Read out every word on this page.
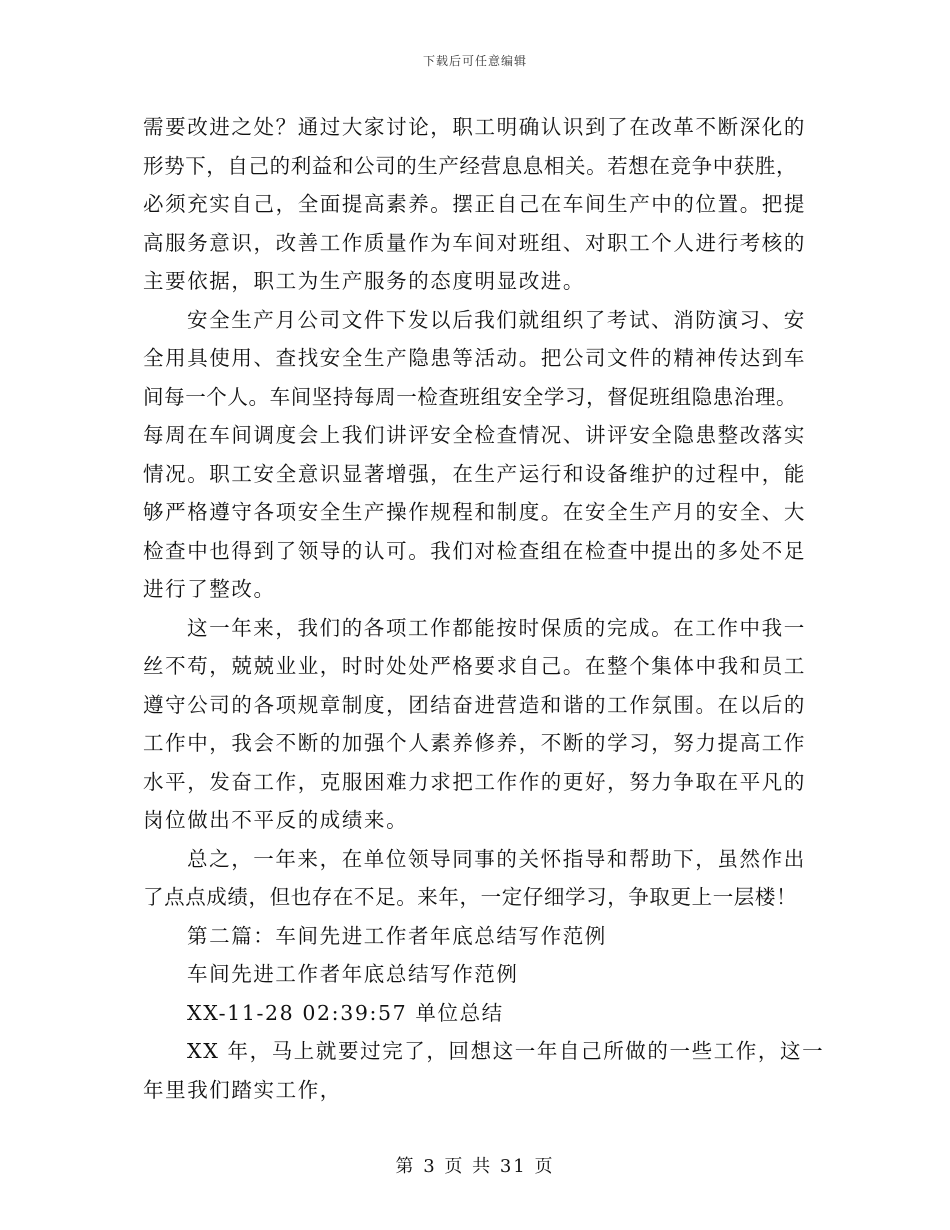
下载后可任意编辑
需要改进之处？通过大家讨论，职工明确认识到了在改革不断深化的
形势下，自己的利益和公司的生产经营息息相关。若想在竞争中获胜，
必须充实自己，全面提高素养。摆正自己在车间生产中的位置。把提
高服务意识，改善工作质量作为车间对班组、对职工个人进行考核的
主要依据，职工为生产服务的态度明显改进。
安全生产月公司文件下发以后我们就组织了考试、消防演习、安
全用具使用、查找安全生产隐患等活动。把公司文件的精神传达到车
间每一个人。车间坚持每周一检查班组安全学习，督促班组隐患治理。
每周在车间调度会上我们讲评安全检查情况、讲评安全隐患整改落实
情况。职工安全意识显著增强，在生产运行和设备维护的过程中，能
够严格遵守各项安全生产操作规程和制度。在安全生产月的安全、大
检查中也得到了领导的认可。我们对检查组在检查中提出的多处不足
进行了整改。
这一年来，我们的各项工作都能按时保质的完成。在工作中我一
丝不苟，兢兢业业，时时处处严格要求自己。在整个集体中我和员工
遵守公司的各项规章制度，团结奋进营造和谐的工作氛围。在以后的
工作中，我会不断的加强个人素养修养，不断的学习，努力提高工作
水平，发奋工作，克服困难力求把工作作的更好，努力争取在平凡的
岗位做出不平反的成绩来。
总之，一年来，在单位领导同事的关怀指导和帮助下，虽然作出
了点点成绩，但也存在不足。来年，一定仔细学习，争取更上一层楼！
第二篇：车间先进工作者年底总结写作范例
车间先进工作者年底总结写作范例
XX-11-28 02:39:57 单位总结
XX 年，马上就要过完了，回想这一年自己所做的一些工作，这一
年里我们踏实工作，
第 3 页 共 31 页
